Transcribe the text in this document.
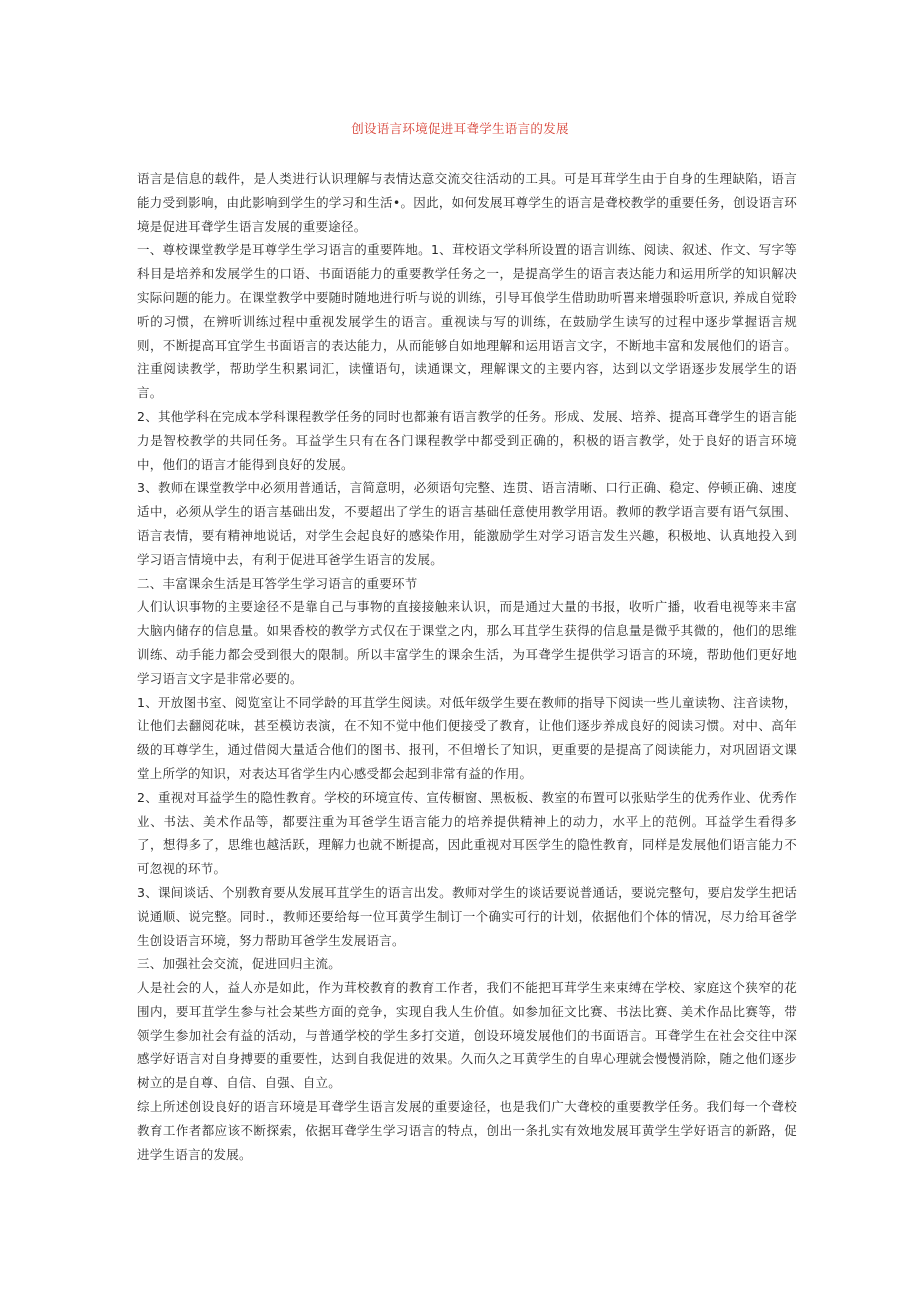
创设语言环境促进耳聋学生语言的发展

语言是信息的载件，是人类进行认识理解与表情达意交流交往活动的工具。可是耳茸学生由于自身的生理缺陷，语言能力受到影响，由此影响到学生的学习和生活•。因此，如何发展耳尊学生的语言是聋校教学的重要任务，创设语言环境是促进耳聋学生语言发展的重要途径。

一、尊校课堂教学是耳尊学生学习语言的重要阵地。1、茸校语文学科所设置的语言训练、阅读、叙述、作文、写字等科目是培养和发展学生的口语、书面语能力的重要教学任务之一，是提高学生的语言表达能力和运用所学的知识解决实际问题的能力。在课堂教学中要随时随地进行听与说的训练，引导耳俍学生借助助听嘼来增强聆听意识, 养成自觉聆听的习惯，在辨听训练过程中重视发展学生的语言。重视读与写的训练，在鼓励学生读写的过程中逐步掌握语言规则，不断提高耳宜学生书面语言的表达能力，从而能够自如地理解和运用语言文字，不断地丰富和发展他们的语言。注重阅读教学，帮助学生积累词汇，读懂语句，读通课文，理解课文的主要内容，达到以文学语逐步发展学生的语言。

2、其他学科在完成本学科课程教学任务的同时也都兼有语言教学的任务。形成、发展、培养、提高耳聋学生的语言能力是智校教学的共同任务。耳益学生只有在各门课程教学中都受到正确的，积极的语言教学，处于良好的语言环境中，他们的语言才能得到良好的发展。

3、教师在课堂教学中必须用普通话，言简意明，必须语句完整、连贯、语言清晰、口行正确、稳定、停顿正确、速度适中，必须从学生的语言基础出发，不要超出了学生的语言基础任意使用教学用语。教师的教学语言要有语气氛围、语言表情，要有精神地说话，对学生会起良好的感染作用，能激励学生对学习语言发生兴趣，积极地、认真地投入到学习语言情境中去，有利于促进耳爸学生语言的发展。

二、丰富课余生活是耳答学生学习语言的重要环节

人们认识事物的主要途径不是靠自己与事物的直接接触来认识，而是通过大量的书报，收听广播，收看电视等来丰富大脑内储存的信息量。如果香校的教学方式仅在于课堂之内，那么耳苴学生获得的信息量是微乎其微的，他们的思维训练、动手能力都会受到很大的限制。所以丰富学生的课余生活，为耳聋学生提供学习语言的环境，帮助他们更好地学习语言文字是非常必要的。

1、开放图书室、阅览室让不同学龄的耳苴学生阅读。对低年级学生要在教师的指导下阅读一些儿童读物、注音读物，让他们去翻阅花味，甚至模访表演，在不知不觉中他们便接受了教育，让他们逐步养成良好的阅读习惯。对中、高年级的耳尊学生，通过借阅大量适合他们的图书、报刊，不但增长了知识，更重要的是提高了阅读能力，对巩固语文课堂上所学的知识，对表达耳省学生内心感受都会起到非常有益的作用。

2、重视对耳益学生的隐性教育。学校的环境宣传、宣传橱窗、黑板板、教室的布置可以张贴学生的优秀作业、优秀作业、书法、美术作品等，都要注重为耳爸学生语言能力的培养提供精神上的动力，水平上的范例。耳益学生看得多了，想得多了，思维也越活跃，理解力也就不断提高，因此重视对耳医学生的隐性教育，同样是发展他们语言能力不可忽视的环节。

3、课间谈话、个别教育要从发展耳苴学生的语言出发。教师对学生的谈话要说普通话，要说完整句，要启发学生把话说通顺、说完整。同时.，教师还要给每一位耳黄学生制订一个确实可行的计划，依据他们个体的情况，尽力给耳爸学生创设语言环境，努力帮助耳爸学生发展语言。

三、加强社会交流，促进回归主流。

人是社会的人，益人亦是如此，作为茸校教育的教育工作者，我们不能把耳茸学生来束缚在学校、家庭这个狭窄的花围内，要耳苴学生参与社会某些方面的竞争，实现自我人生价值。如参加征文比赛、书法比赛、美术作品比赛等，带领学生参加社会有益的活动，与普通学校的学生多打交道，创设环境发展他们的书面语言。耳聋学生在社会交往中深感学好语言对自身搏要的重要性，达到自我促进的效果。久而久之耳黄学生的自卑心理就会慢慢消除，随之他们逐步树立的是自尊、自信、自强、自立。

综上所述创设良好的语言环境是耳聋学生语言发展的重要途径，也是我们广大聋校的重要教学任务。我们每一个聋校教育工作者都应该不断探索，依据耳聋学生学习语言的特点，创出一条扎实有效地发展耳黄学生学好语言的新路，促进学生语言的发展。
